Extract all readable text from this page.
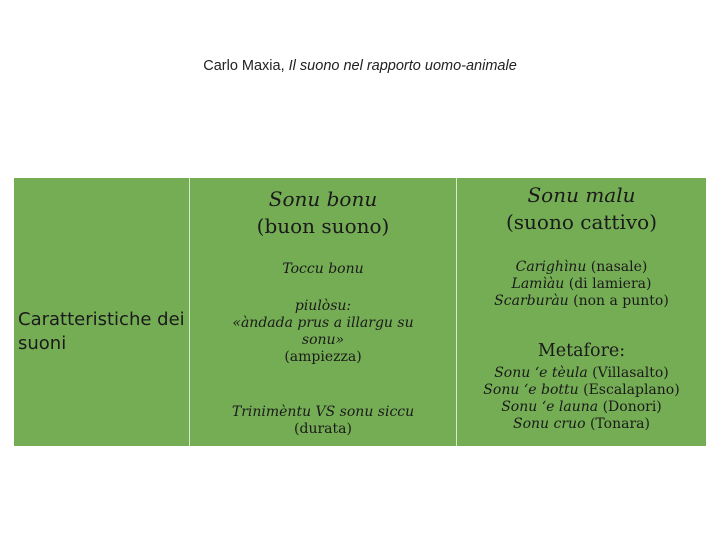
Carlo Maxia, Il suono nel rapporto uomo-animale
Caratteristiche dei suoni
Sonu bonu
(buon suono)
Toccu bonu
piulòsu:
«àndada prus a illargu su sonu»
(ampiezza)
Trinimèntu VS sonu siccu
(durata)
Sonu malu
(suono cattivo)
Carighìnu (nasale)
Lamìàu (di lamiera)
Scarburàu (non a punto)
Metafore:
Sonu ‘e tèula (Villasalto)
Sonu ‘e bottu (Escalaplano)
Sonu ‘e launa (Donori)
Sonu cruo (Tonara)
